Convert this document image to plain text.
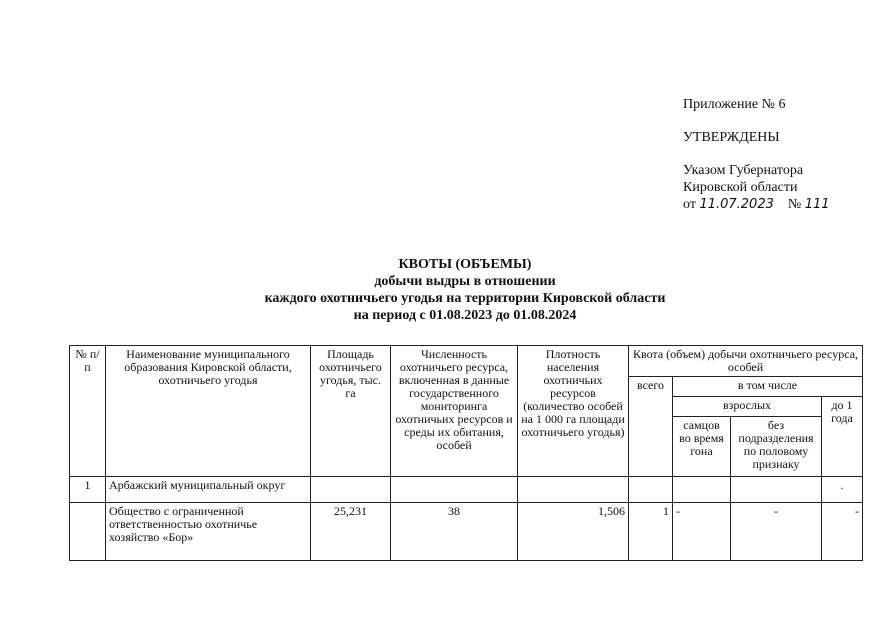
Приложение № 6
УТВЕРЖДЕНЫ
Указом Губернатора
Кировской области
от 11.07.2023 № 111
КВОТЫ (ОБЪЕМЫ)
добычи выдры в отношении
каждого охотничьего угодья на территории Кировской области
на период с 01.08.2023 до 01.08.2024
№ п/п	Наименование муниципального образования Кировской области, охотничьего угодья	Площадь охотничьего угодья, тыс. га	Численность охотничьего ресурса, включенная в данные государственного мониторинга охотничьих ресурсов и среды их обитания, особей	Плотность населения охотничьих ресурсов (количество особей на 1 000 га площади охотничьего угодья)	Квота (объем) добычи охотничьего ресурса, особей			
					всего	в том числе		
						взрослых		до 1 года
						самцов во время гона	без подразделения по половому признаку	
1	Арбажский муниципальный округ							.
	Общество с ограниченной ответственностью охотничье хозяйство «Бор»	25,231	38	1,506	1	-	-	-
